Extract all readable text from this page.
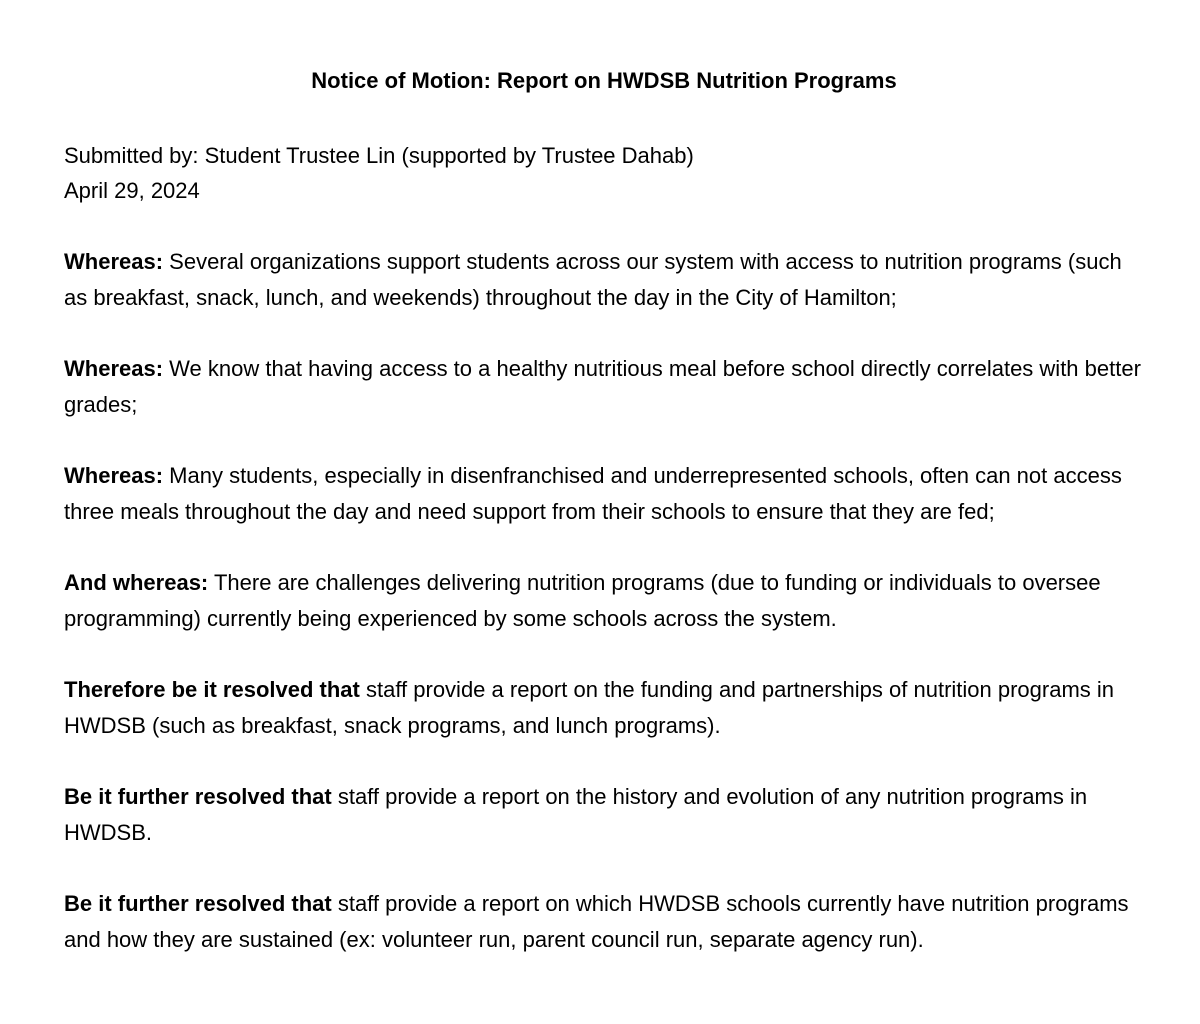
Notice of Motion: Report on HWDSB Nutrition Programs
Submitted by: Student Trustee Lin (supported by Trustee Dahab)
April 29, 2024

Whereas: Several organizations support students across our system with access to nutrition programs (such as breakfast, snack, lunch, and weekends) throughout the day in the City of Hamilton;

Whereas: We know that having access to a healthy nutritious meal before school directly correlates with better grades;

Whereas: Many students, especially in disenfranchised and underrepresented schools, often can not access three meals throughout the day and need support from their schools to ensure that they are fed;

And whereas: There are challenges delivering nutrition programs (due to funding or individuals to oversee programming) currently being experienced by some schools across the system.

Therefore be it resolved that staff provide a report on the funding and partnerships of nutrition programs in HWDSB (such as breakfast, snack programs, and lunch programs).

Be it further resolved that staff provide a report on the history and evolution of any nutrition programs in HWDSB.

Be it further resolved that staff provide a report on which HWDSB schools currently have nutrition programs and how they are sustained (ex: volunteer run, parent council run, separate agency run).
